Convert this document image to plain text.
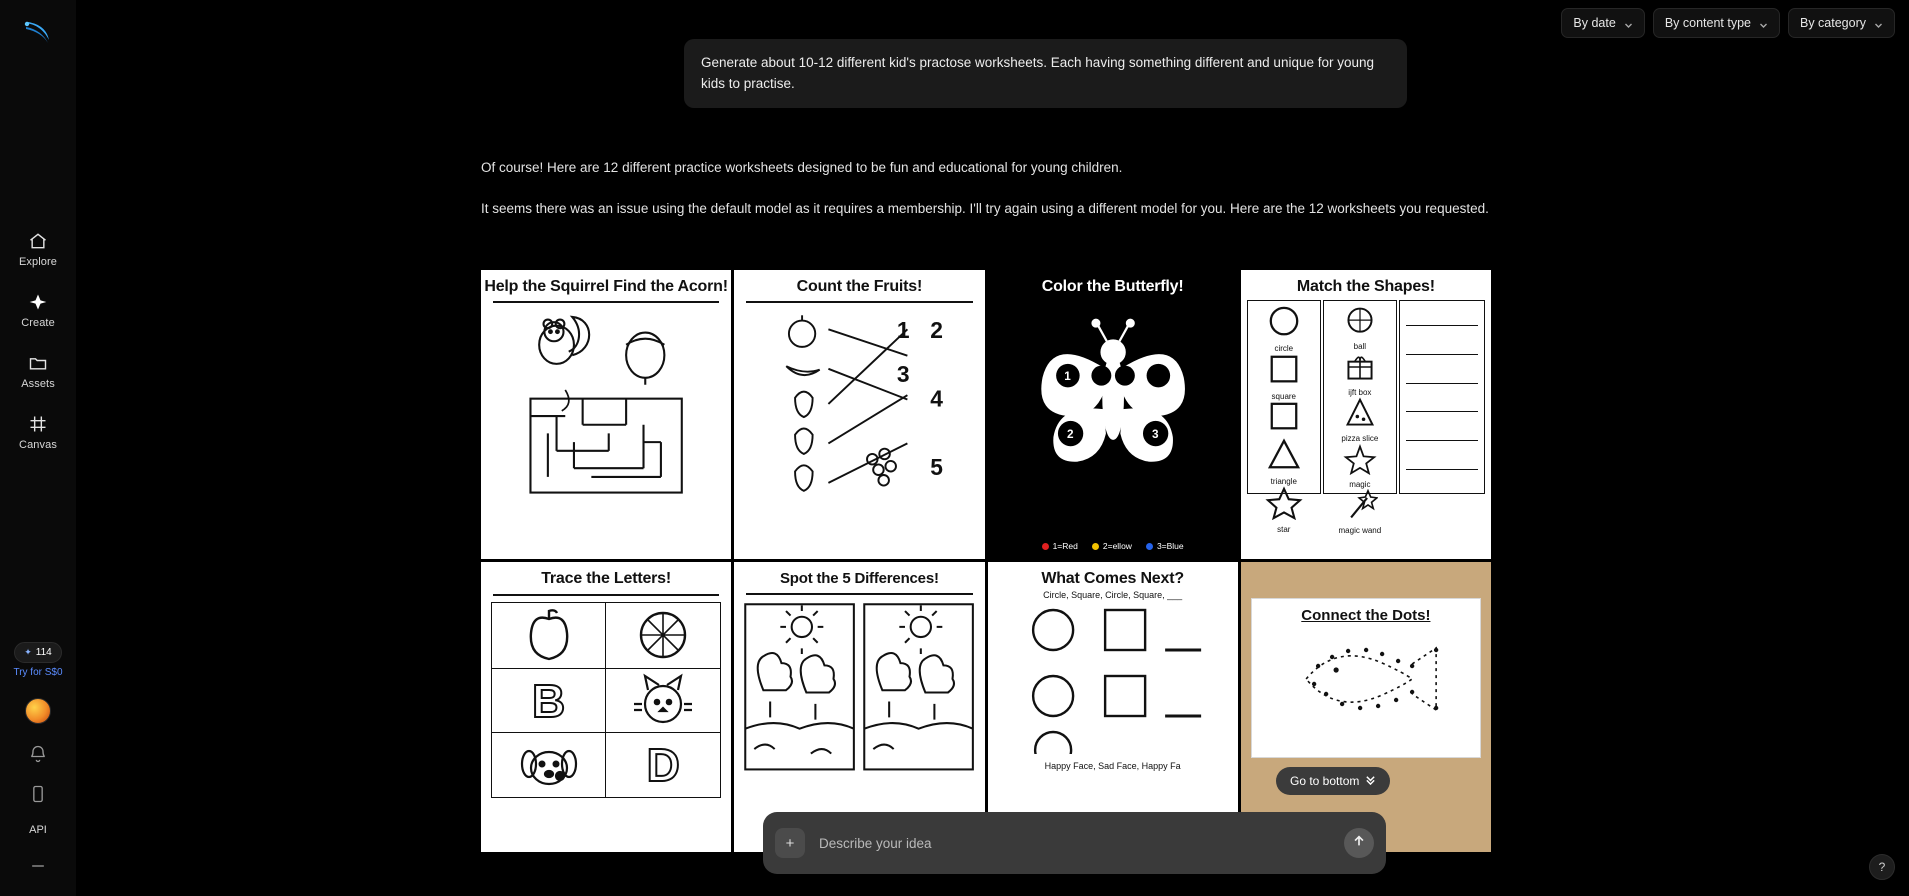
Explore
Create
Assets
Canvas
✦ 114
Try for S$0
API
By date	By content type	By category
Generate about 10-12 different kid's practose worksheets. Each having something different and unique for young kids to practise.

Of course! Here are 12 different practice worksheets designed to be fun and educational for young children.

It seems there was an issue using the default model as it requires a membership. I'll try again using a different model for you. Here are the 12 worksheets you requested.

Help the Squirrel Find the Acorn!	Count the Fruits!
1 2
3
4
5
Color the Butterfly!
1
2	3
1=Red	2=ellow	3=Blue
Match the Shapes!
circle
square
triangle
star
ball
ijft box
pizza slice
magic
magic wand
Trace the Letters!
B
D
Spot the 5 Differences!	What Comes Next?
Circle, Square, Circle, Square, ___
Happy Face, Sad Face, Happy Fa
Connect the Dots!
Go to bottom
+
Describe your idea
?
